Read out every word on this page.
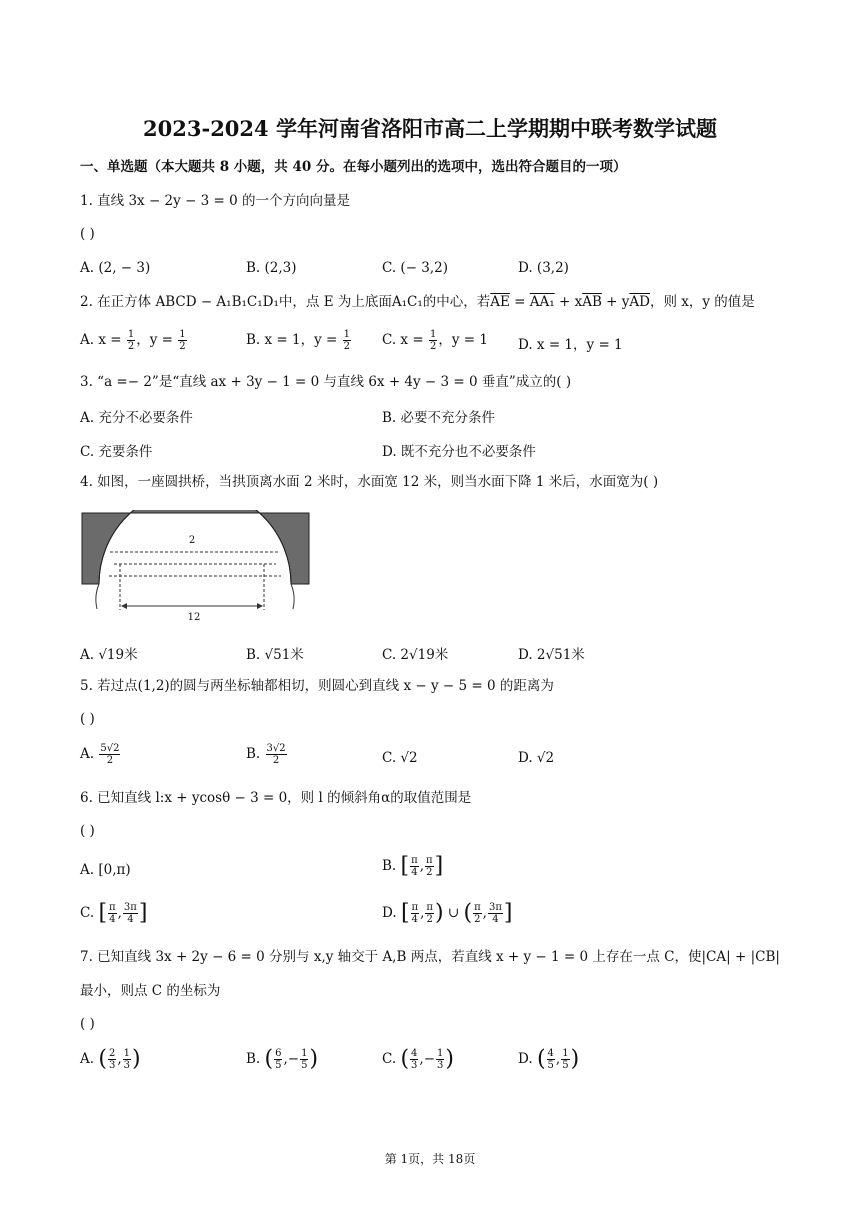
2023-2024 学年河南省洛阳市高二上学期期中联考数学试题
一、单选题（本大题共 8 小题，共 40 分。在每小题列出的选项中，选出符合题目的一项）
1. 直线 3x − 2y − 3 = 0 的一个方向向量是
( )
A. (2, − 3)	B. (2,3)	C. (− 3,2)	D. (3,2)
2. 在正方体 ABCD − A₁B₁C₁D₁中，点 E 为上底面A₁C₁的中心，若$\overline{AE} = AA_1 + x\overline{AB} + y\overline{AD}$，则 x，y 的值是
A. $x = \frac{1}{2}$ ，$y = \frac{1}{2}$	B. x = 1，$y = \frac{1}{2} C$. $x = \frac{1}{2}$ ，y = 1 D. x = 1，y = 1
3. “a =− 2”是“直线 ax + 3y − 1 = 0 与直线 6x + 4y − 3 = 0 垂直”成立的( )
A. 充分不必要条件	B. 必要不充分条件
C. 充要条件	D. 既不充分也不必要条件
4. 如图，一座圆拱桥，当拱顶离水面 2 米时，水面宽 12 米，则当水面下降 1 米后，水面宽为( )
2
12
A. √19米	B. √51米	C. 2√19米	D. 2√51米
5. 若过点(1,2)的圆与两坐标轴都相切，则圆心到直线 x − y − 5 = 0 的距离为
( )
A. $\frac{5√2}{2}$	B. $\frac{3√2}{2}$	C. √2	D. √2
6. 已知直线 l:x + ycosθ − 3 = 0，则 l 的倾斜角α的取值范围是
( )
A. [0,π)	B. [ $\frac{\pi}{4}$ , $\frac{\pi}{2}$ ]
C. [ $\frac{\pi}{4}$ , $\frac{3\pi}{4}$ ]	D. [ $\frac{\pi}{4}$ , $\frac{\pi}{2}$ ) ∪ ( $\frac{\pi}{2}$ , $\frac{3\pi}{4}$ ]
7. 已知直线 3x + 2y − 6 = 0 分别与 x,y 轴交于 A,B 两点，若直线 x + y − 1 = 0 上存在一点 C，使|CA| + |CB|
最小，则点 C 的坐标为
( )
A. ( $\frac{2}{3}$ , $\frac{1}{3}$ )	B. ( $\frac{6}{5}$ ,− $\frac{1}{5}$ )	C. ( $\frac{4}{3}$ ,− $\frac{1}{3}$ )	D. ( $\frac{4}{5}$ , $\frac{1}{5}$ )
第 1页，共 18页
